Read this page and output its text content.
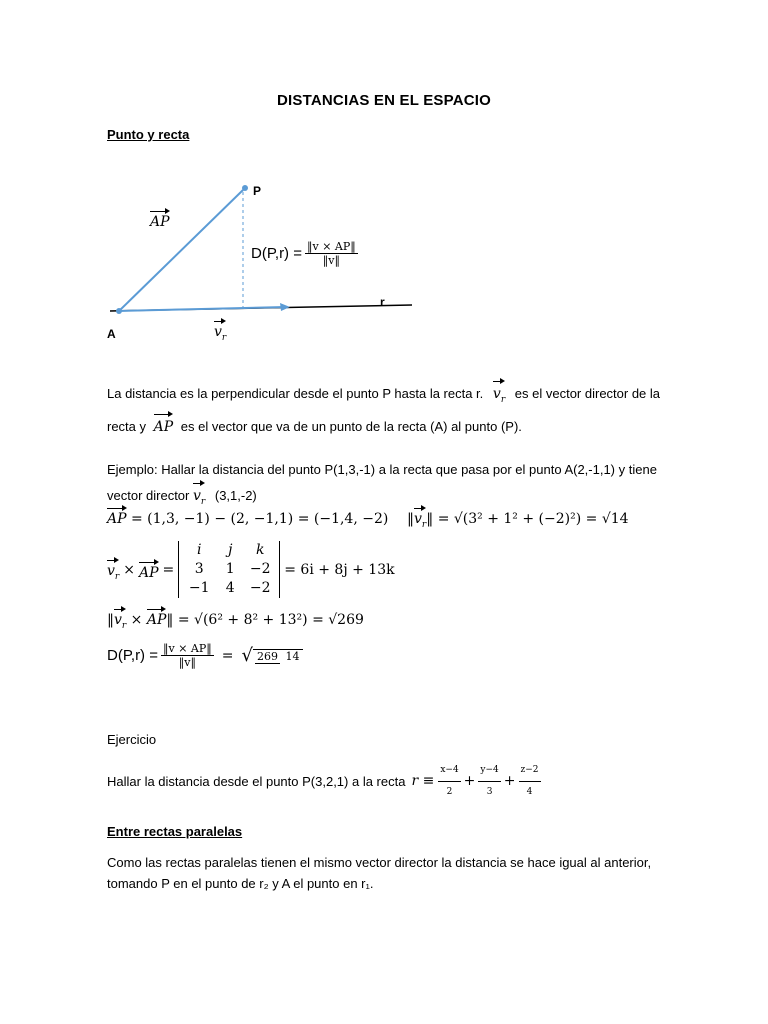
DISTANCIAS EN EL ESPACIO
Punto y recta
P
A
r
AP
$v_r$
$D(P,r) = \frac{‖v \times AP‖}{‖v‖}$
La distancia es la perpendicular desde el punto P hasta la recta r. $v_r$ es el vector director de la
recta y AP es el vector que va de un punto de la recta (A) al punto (P).
Ejemplo: Hallar la distancia del punto P(1,3,-1) a la recta que pasa por el punto A(2,-1,1) y tiene
vector director $v_r$ (3,1,-2)
AP = (1,3, −1) − (2, −1,1) = (−1,4, −2) ‖
$v_r‖ = √(3^2 + 1^2 + (-2)^2) = √14$
$v_r$ × AP =
i	j	k
3	1	−2
−1	4	−2
= 6i + 8j + 13k
‖
$v_r$ ×
AP‖ = √(6² + 8² + 13²) = √269
$D(P,r) = \frac{‖v \times AP‖}{‖v‖}$ = √ 269 14
Ejercicio
Hallar la distancia desde el punto P(3,2,1) a la recta $r \equiv \frac{x-4}{2} + \frac{y-4}{3} + \frac{z-2}{4}$
Entre rectas paralelas
Como las rectas paralelas tienen el mismo vector director la distancia se hace igual al anterior,
tomando P en el punto de r₂ y A el punto en r₁.
